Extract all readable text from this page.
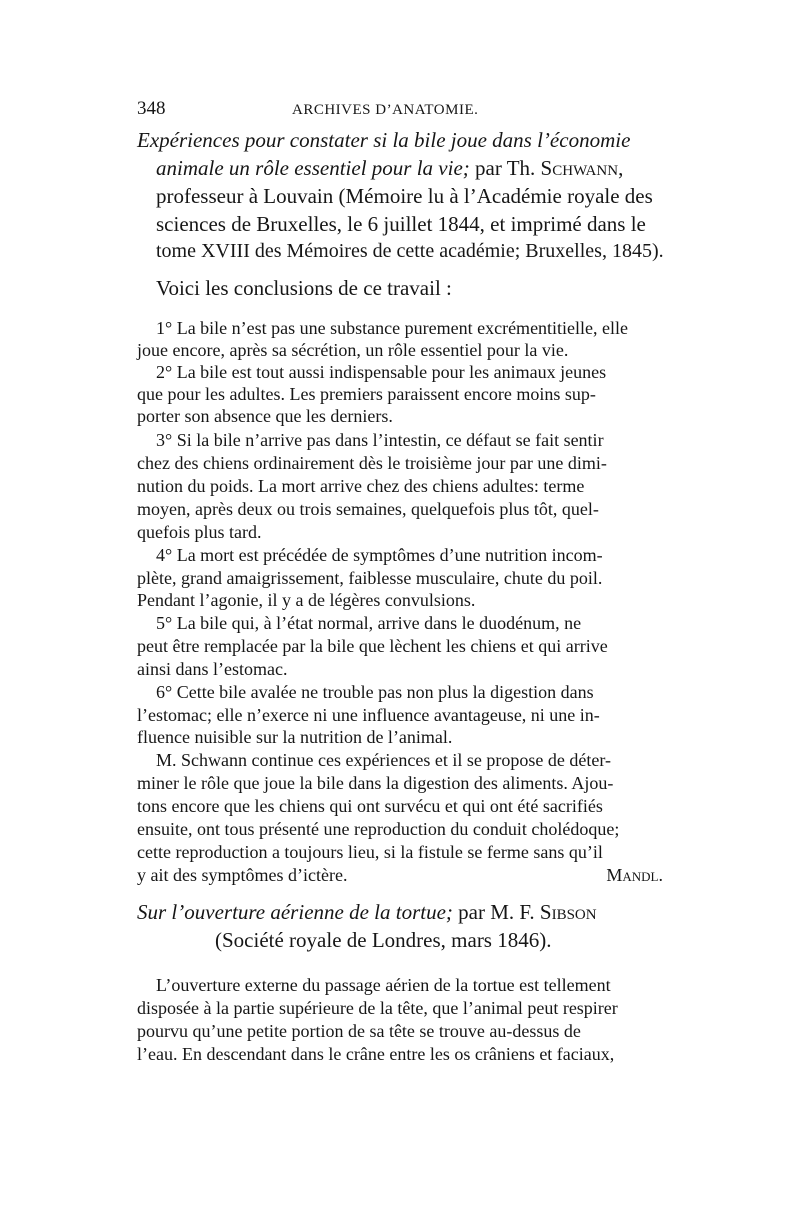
348	ARCHIVES D’ANATOMIE.
Expériences pour constater si la bile joue dans l’économie
animale un rôle essentiel pour la vie; par Th. Schwann,
professeur à Louvain (Mémoire lu à l’Académie royale des
sciences de Bruxelles, le 6 juillet 1844, et imprimé dans le
tome XVIII des Mémoires de cette académie; Bruxelles, 1845).
Voici les conclusions de ce travail :
1° La bile n’est pas une substance purement excrémentitielle, elle
joue encore, après sa sécrétion, un rôle essentiel pour la vie.
2° La bile est tout aussi indispensable pour les animaux jeunes
que pour les adultes. Les premiers paraissent encore moins sup-
porter son absence que les derniers.
3° Si la bile n’arrive pas dans l’intestin, ce défaut se fait sentir
chez des chiens ordinairement dès le troisième jour par une dimi-
nution du poids. La mort arrive chez des chiens adultes: terme
moyen, après deux ou trois semaines, quelquefois plus tôt, quel-
quefois plus tard.
4° La mort est précédée de symptômes d’une nutrition incom-
plète, grand amaigrissement, faiblesse musculaire, chute du poil.
Pendant l’agonie, il y a de légères convulsions.
5° La bile qui, à l’état normal, arrive dans le duodénum, ne
peut être remplacée par la bile que lèchent les chiens et qui arrive
ainsi dans l’estomac.
6° Cette bile avalée ne trouble pas non plus la digestion dans
l’estomac; elle n’exerce ni une influence avantageuse, ni une in-
fluence nuisible sur la nutrition de l’animal.
M. Schwann continue ces expériences et il se propose de déter-
miner le rôle que joue la bile dans la digestion des aliments. Ajou-
tons encore que les chiens qui ont survécu et qui ont été sacrifiés
ensuite, ont tous présenté une reproduction du conduit cholédoque;
cette reproduction a toujours lieu, si la fistule se ferme sans qu’il
y ait des symptômes d’ictère.	Mandl.
Sur l’ouverture aérienne de la tortue; par M. F. Sibson
(Société royale de Londres, mars 1846).
L’ouverture externe du passage aérien de la tortue est tellement
disposée à la partie supérieure de la tête, que l’animal peut respirer
pourvu qu’une petite portion de sa tête se trouve au-dessus de
l’eau. En descendant dans le crâne entre les os crâniens et faciaux,
